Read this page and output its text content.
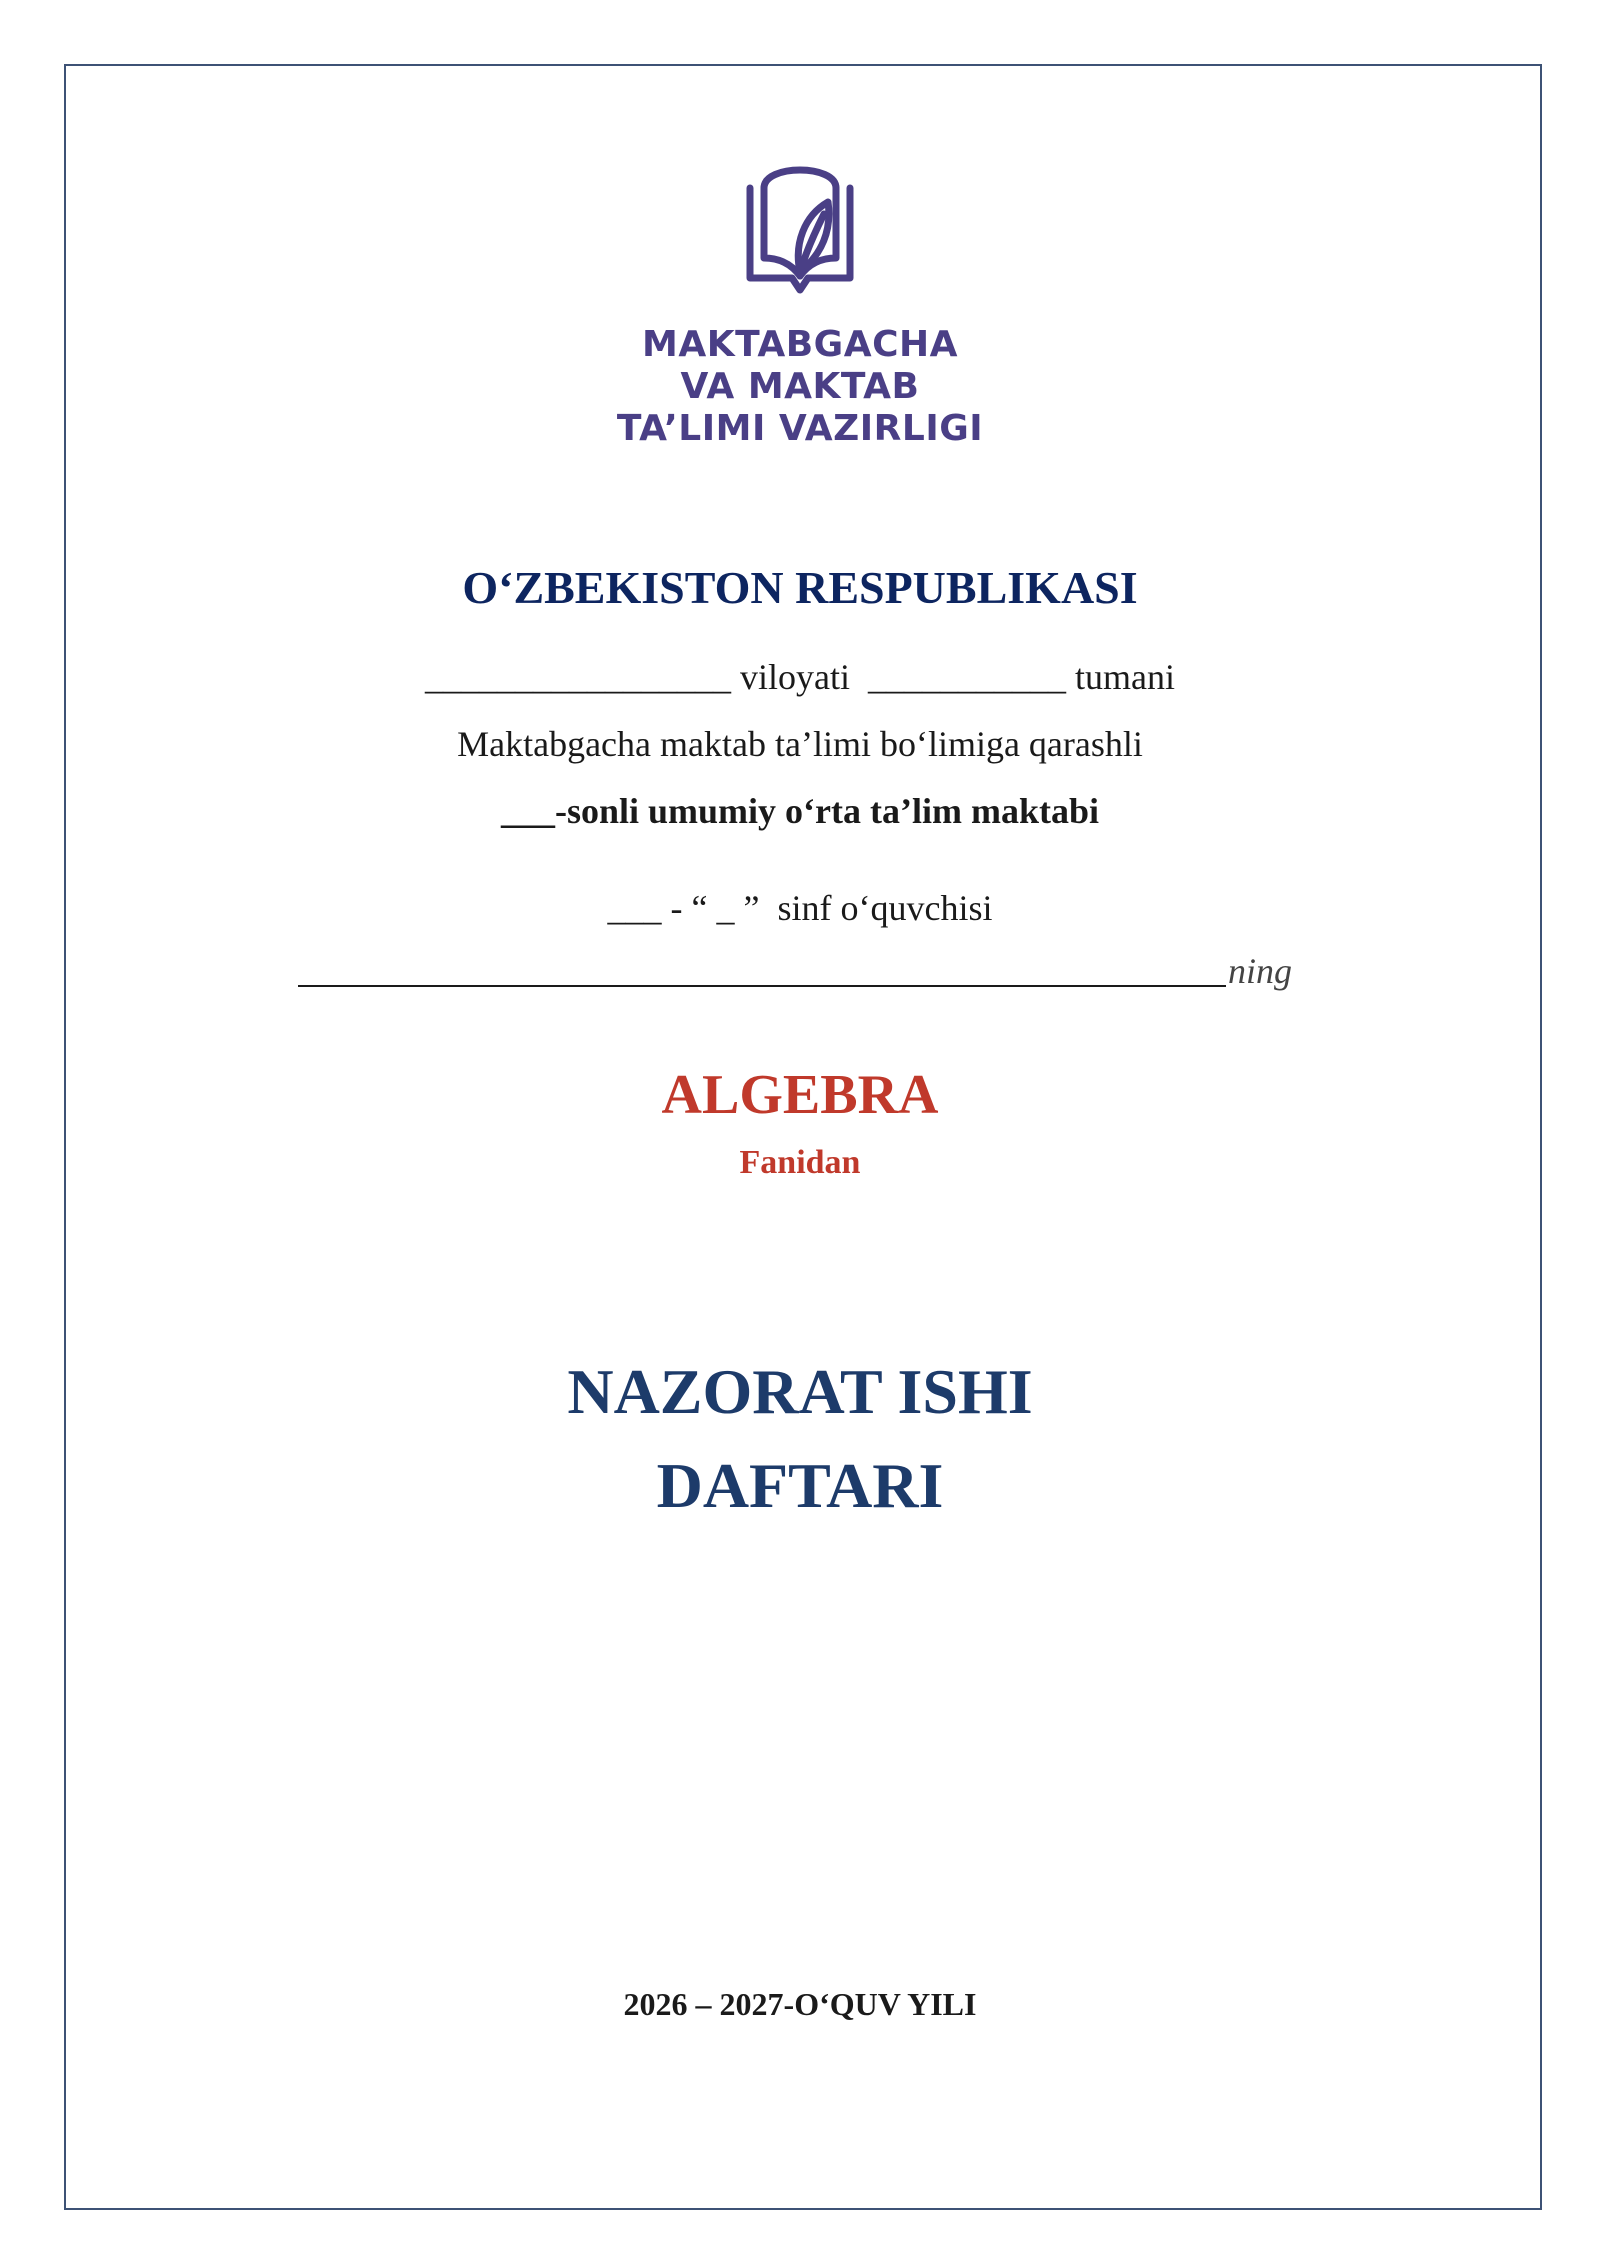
MAKTABGACHA
VA MAKTAB
TA’LIMI VAZIRLIGI
O‘ZBEKISTON RESPUBLIKASI
_________________ viloyati  ___________ tumani
Maktabgacha maktab ta’limi bo‘limiga qarashli
___-sonli umumiy o‘rta ta’lim maktabi
___ - “ _ ”  sinf o‘quvchisi
ning
ALGEBRA
Fanidan
NAZORAT ISHI
DAFTARI
2026 – 2027-O‘QUV YILI
